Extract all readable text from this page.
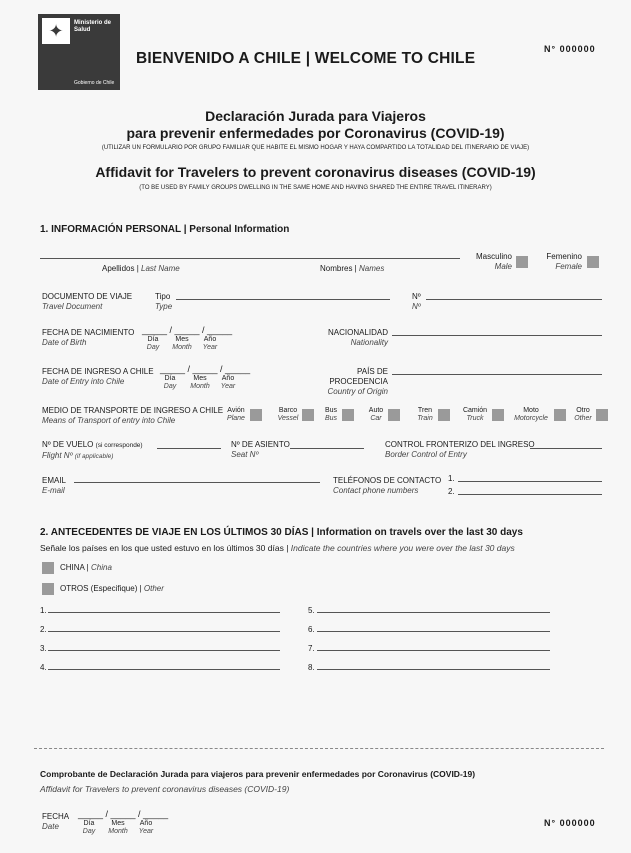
✦	Ministerio de Salud
Gobierno de Chile
BIENVENIDO A CHILE | WELCOME TO CHILE
N° 000000
Declaración Jurada para Viajeros
para prevenir enfermedades por Coronavirus (COVID-19)
(UTILIZAR UN FORMULARIO POR GRUPO FAMILIAR QUE HABITE EL MISMO HOGAR Y HAYA COMPARTIDO LA TOTALIDAD DEL ITINERARIO DE VIAJE)
Affidavit for Travelers to prevent coronavirus diseases (COVID-19)
(TO BE USED BY FAMILY GROUPS DWELLING IN THE SAME HOME AND HAVING SHARED THE ENTIRE TRAVEL ITINERARY)
1. INFORMACIÓN PERSONAL | Personal Information
Apellidos | Last Name	Nombres | Names
Masculino
Male
Femenino
Female
DOCUMENTO DE VIAJE
Travel Document
Tipo
Type
Nº
Nº
FECHA DE NACIMIENTO
Date of Birth
_____ / _____ / _____
Día
Day
Mes
Month
Año
Year
NACIONALIDAD
Nationality
FECHA DE INGRESO A CHILE
Date of Entry into Chile
_____ / _____ / _____
Día
Day
Mes
Month
Año
Year
PAÍS DE PROCEDENCIA
Country of Origin
MEDIO DE TRANSPORTE DE INGRESO A CHILE
Means of Transport of entry into Chile
Avión
Plane
Barco
Vessel
Bus
Bus
Auto
Car
Tren
Train
Camión
Truck
Moto
Motorcycle
Otro
Other
Nº DE VUELO (si corresponde)
Flight Nº (if applicable)
Nº DE ASIENTO
Seat Nº
CONTROL FRONTERIZO DEL INGRESO
Border Control of Entry
EMAIL
E-mail
TELÉFONOS DE CONTACTO
Contact phone numbers
1.
2.
2. ANTECEDENTES DE VIAJE EN LOS ÚLTIMOS 30 DÍAS | Information on travels over the last 30 days
Señale los países en los que usted estuvo en los últimos 30 días | Indicate the countries where you were over the last 30 days
CHINA | China
OTROS (Especifique) | Other
1.
2.
3.
4.
5.
6.
7.
8.
Comprobante de Declaración Jurada para viajeros para prevenir enfermedades por Coronavirus (COVID-19)
Affidavit for Travelers to prevent coronavirus diseases (COVID-19)
FECHA
Date
_____ / _____ / _____
Día
Day
Mes
Month
Año
Year
N° 000000
